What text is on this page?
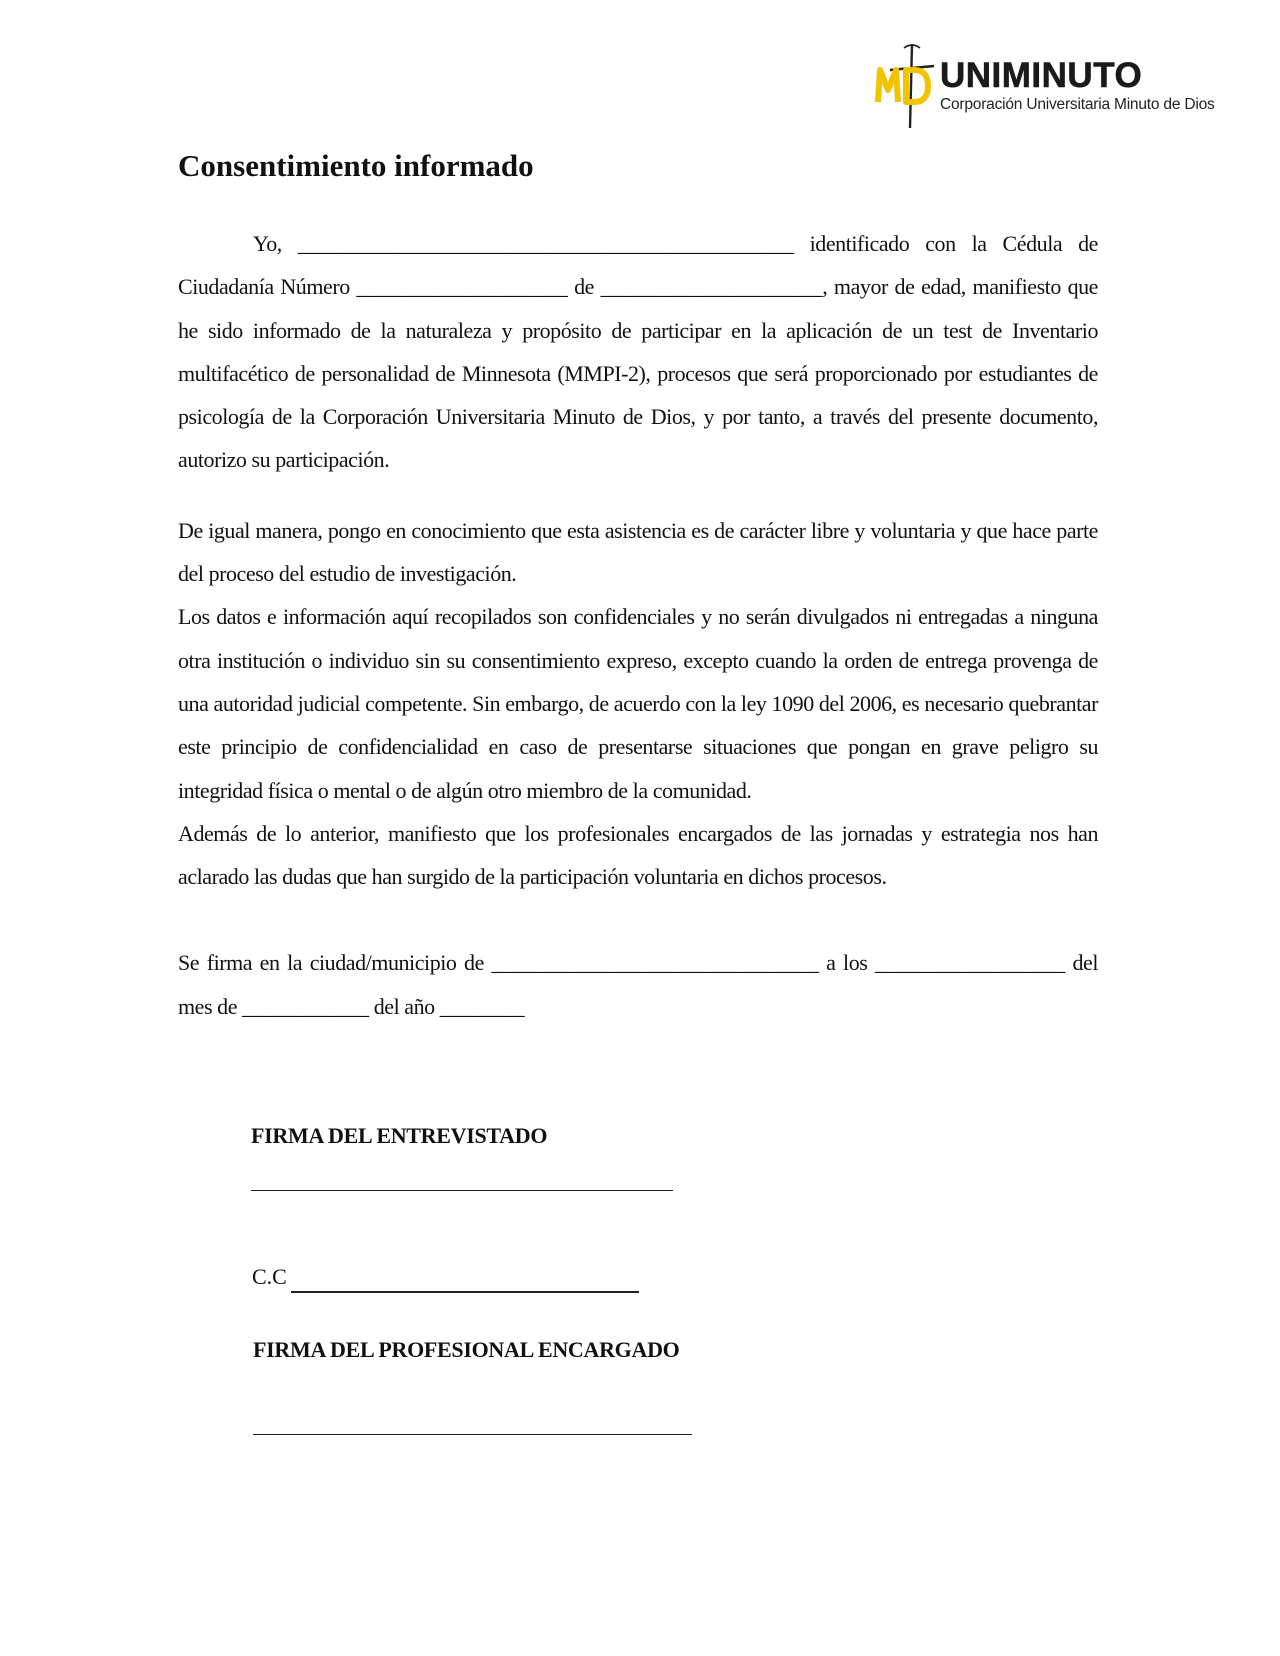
UNIMINUTO
Corporación Universitaria Minuto de Dios
Consentimiento informado

Yo, _______________________________________________ identificado con la Cédula de Ciudadanía Número ____________________ de _____________________, mayor de edad, manifiesto que he sido informado de la naturaleza y propósito de participar en la aplicación de un test de Inventario multifacético de personalidad de Minnesota (MMPI-2), procesos que será proporcionado por estudiantes de psicología de la Corporación Universitaria Minuto de Dios, y por tanto, a través del presente documento, autorizo su participación.

De igual manera, pongo en conocimiento que esta asistencia es de carácter libre y voluntaria y que hace parte del proceso del estudio de investigación.

Los datos e información aquí recopilados son confidenciales y no serán divulgados ni entregadas a ninguna otra institución o individuo sin su consentimiento expreso, excepto cuando la orden de entrega provenga de una autoridad judicial competente. Sin embargo, de acuerdo con la ley 1090 del 2006, es necesario quebrantar este principio de confidencialidad en caso de presentarse situaciones que pongan en grave peligro su integridad física o mental o de algún otro miembro de la comunidad.

Además de lo anterior, manifiesto que los profesionales encargados de las jornadas y estrategia nos han aclarado las dudas que han surgido de la participación voluntaria en dichos procesos.

Se firma en la ciudad/municipio de _______________________________ a los __________________ del mes de ____________ del año ________

FIRMA DEL ENTREVISTADO

C.C

FIRMA DEL PROFESIONAL ENCARGADO
